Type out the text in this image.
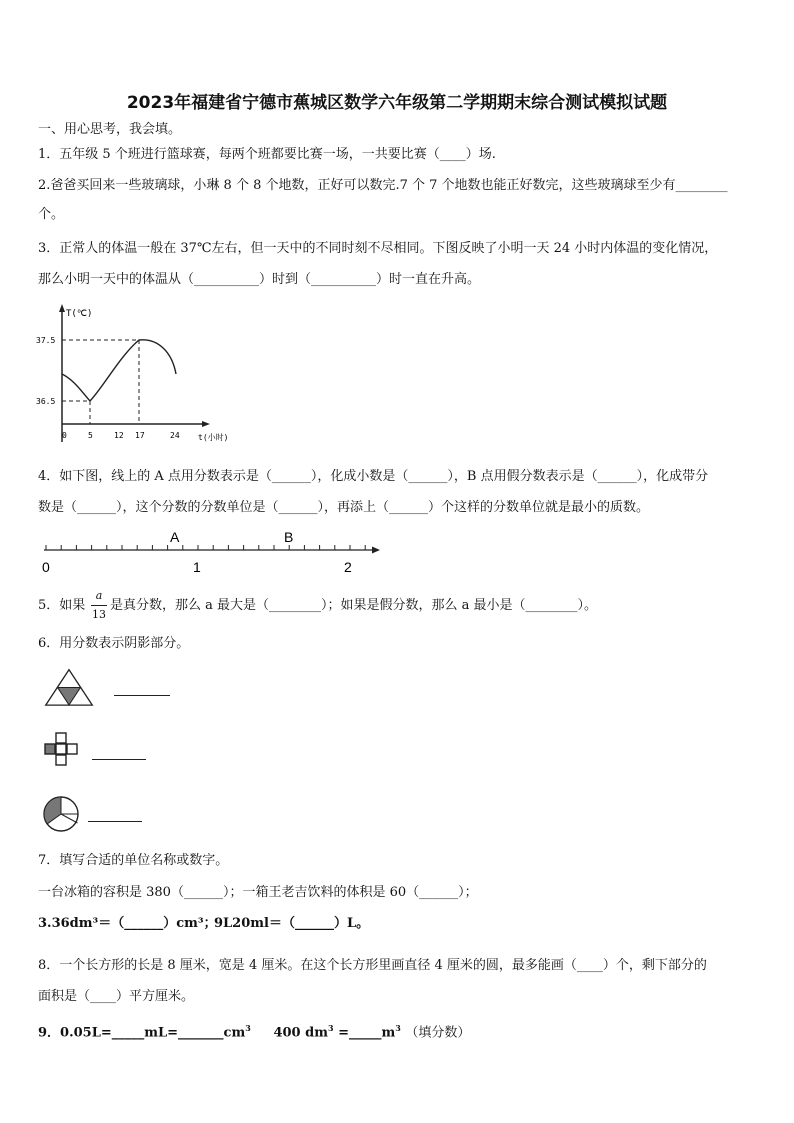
2023年福建省宁德市蕉城区数学六年级第二学期期末综合测试模拟试题
一、用心思考，我会填。
1．五年级 5 个班进行篮球赛，每两个班都要比赛一场，一共要比赛（____）场.
2.爸爸买回来一些玻璃球，小琳 8 个 8 个地数，正好可以数完.7 个 7 个地数也能正好数完，这些玻璃球至少有________
个。
3．正常人的体温一般在 37℃左右，但一天中的不同时刻不尽相同。下图反映了小明一天 24 小时内体温的变化情况，
那么小明一天中的体温从（__________）时到（__________）时一直在升高。
T(℃)
37.5
36.5
0	5	12 17	24 t(小时)
4．如下图，线上的 A 点用分数表示是（______），化成小数是（______），B 点用假分数表示是（______），化成带分
数是（______），这个分数的分数单位是（______），再添上（______）个这样的分数单位就是最小的质数。
A	B
0	1	2
5．如果
a
13
是真分数，那么 a 最大是（________）；如果是假分数，那么 a 最小是（________）。
6．用分数表示阴影部分。
7．填写合适的单位名称或数字。
一台冰箱的容积是 380（______）；一箱王老吉饮料的体积是 60（______）；
3.36dm³＝（______）cm³；
9L20ml＝（______）L。
8．一个长方形的长是 8 厘米，宽是 4 厘米。在这个长方形里画直径 4 厘米的圆，最多能画（____）个，剩下部分的
面积是（____）平方厘米。
9．$0.05L=\_\_\_\_\_mL=\_\_\_\_\_\_\_cm^3$ 400 $dm^3$ $=\_\_\_\_\_m^3$ （填分数）
